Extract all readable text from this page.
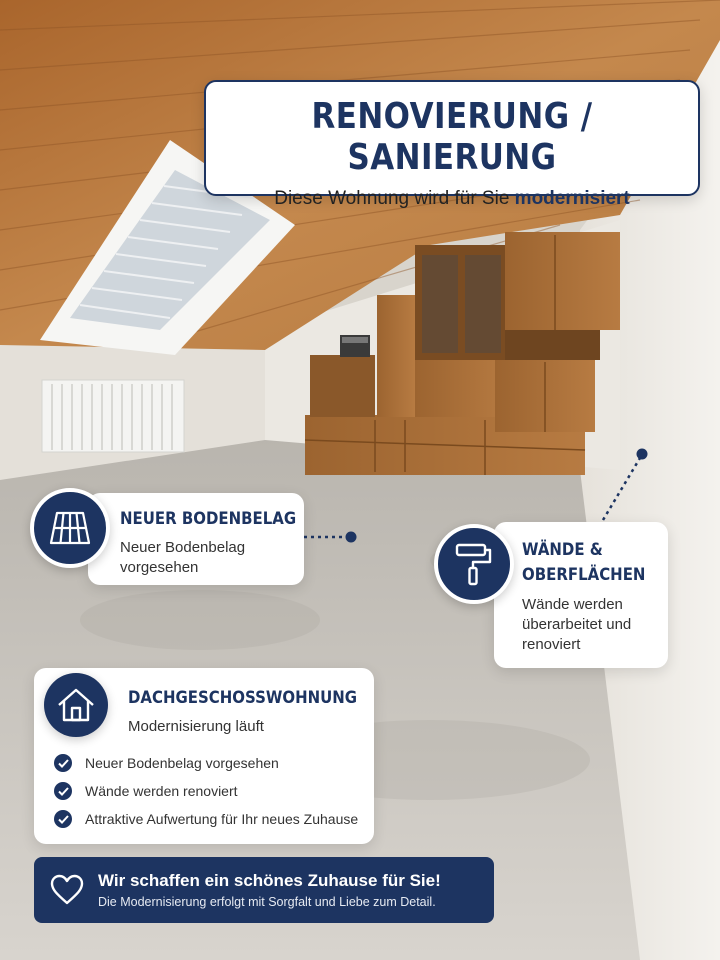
RENOVIERUNG / SANIERUNG

Diese Wohnung wird für Sie modernisiert

NEUER BODENBELAG
Neuer Bodenbelag
vorgesehen
WÄNDE &
OBERFLÄCHEN
Wände werden
überarbeitet und
renoviert
DACHGESCHOSSWOHNUNG
Modernisierung läuft
Neuer Bodenbelag vorgesehen
Wände werden renoviert
Attraktive Aufwertung für Ihr neues Zuhause
Wir schaffen ein schönes Zuhause für Sie!
Die Modernisierung erfolgt mit Sorgfalt und Liebe zum Detail.
